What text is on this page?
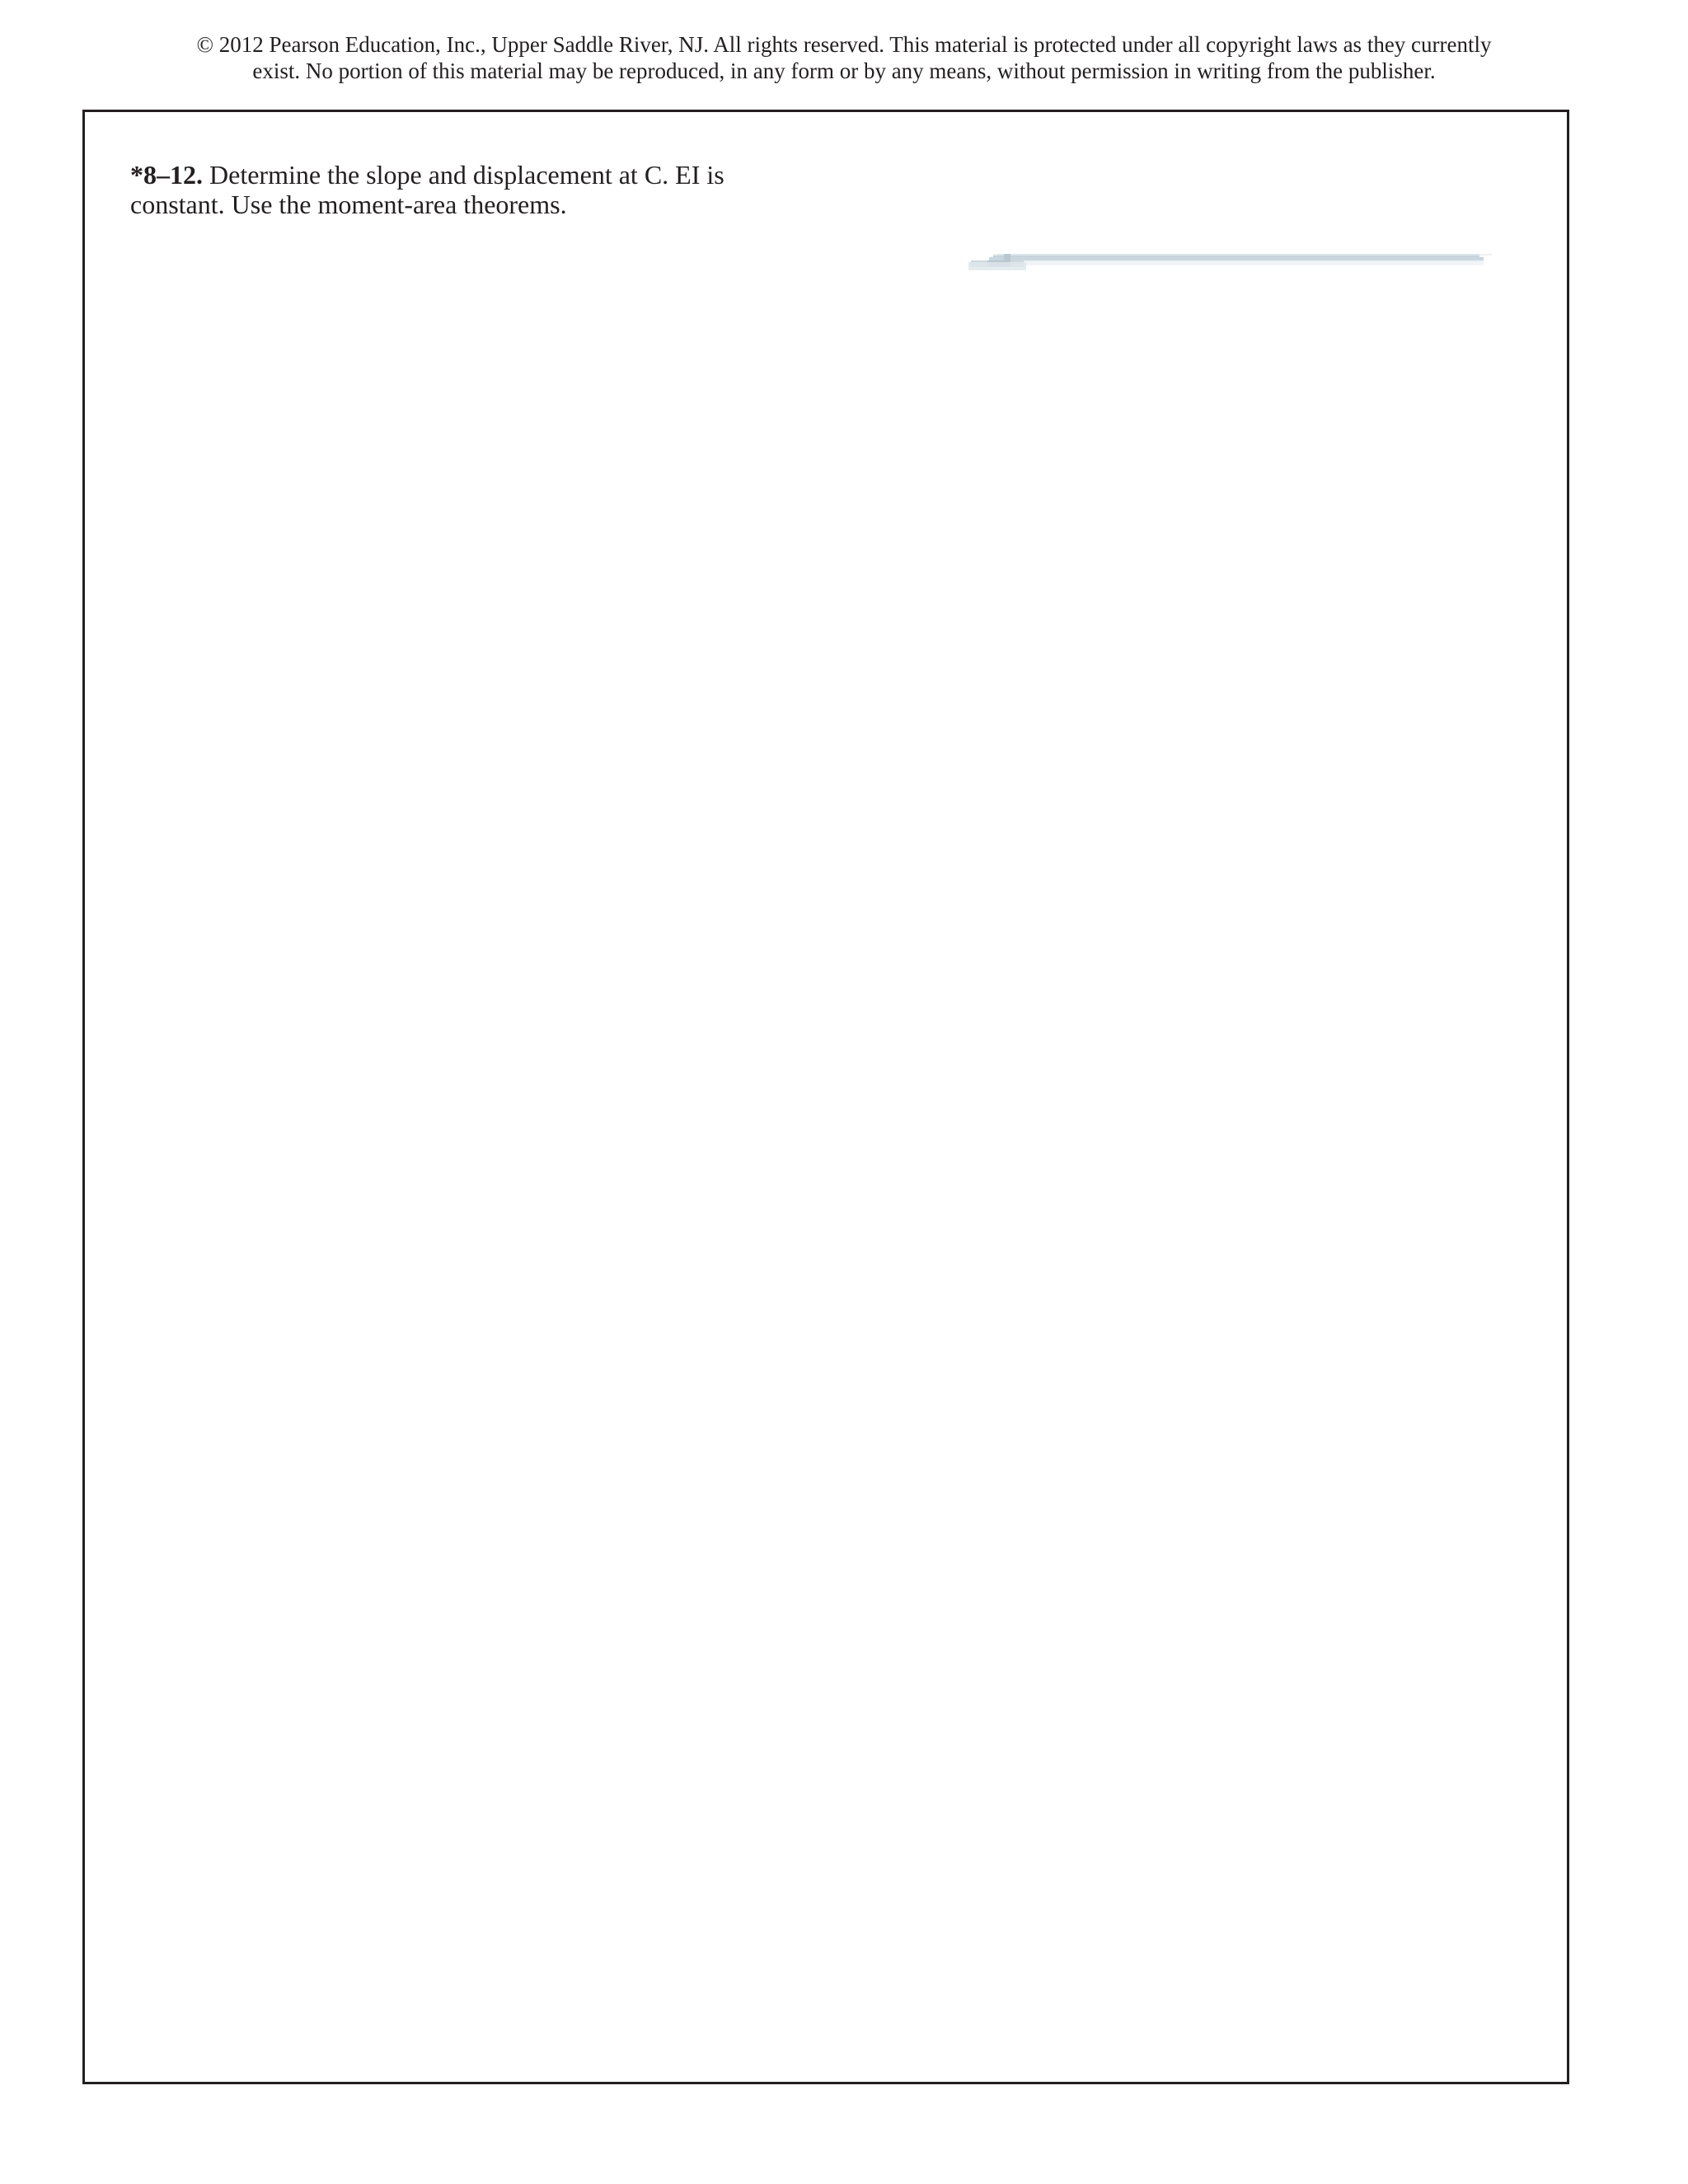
© 2012 Pearson Education, Inc., Upper Saddle River, NJ. All rights reserved. This material is protected under all copyright laws as they currently
exist. No portion of this material may be reproduced, in any form or by any means, without permission in writing from the publisher.
*8–12. Determine the slope and displacement at C. EI is
constant. Use the moment-area theorems.
